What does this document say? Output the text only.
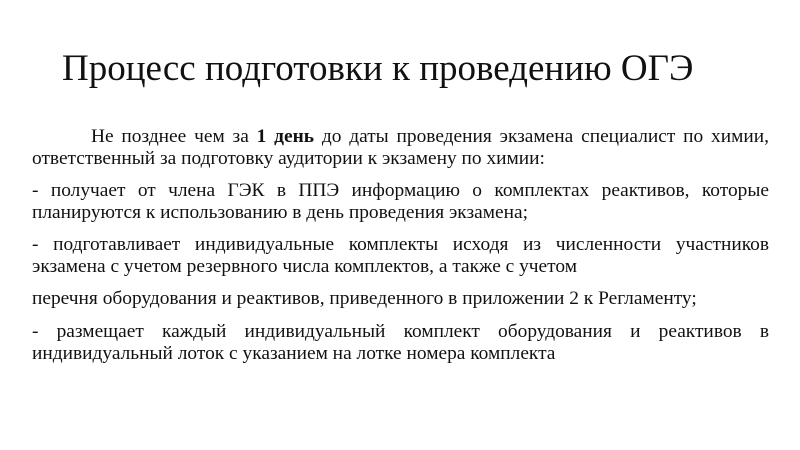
Процесс подготовки к проведению ОГЭ

Не позднее чем за 1 день до даты проведения экзамена специалист по химии, ответственный за подготовку аудитории к экзамену по химии:

- получает от члена ГЭК в ППЭ информацию о комплектах реактивов, которые планируются к использованию в день проведения экзамена;

- подготавливает индивидуальные комплекты исходя из численности участников экзамена с учетом резервного числа комплектов, а также с учетом

перечня оборудования и реактивов, приведенного в приложении 2 к Регламенту;

- размещает каждый индивидуальный комплект оборудования и реактивов в индивидуальный лоток с указанием на лотке номера комплекта
